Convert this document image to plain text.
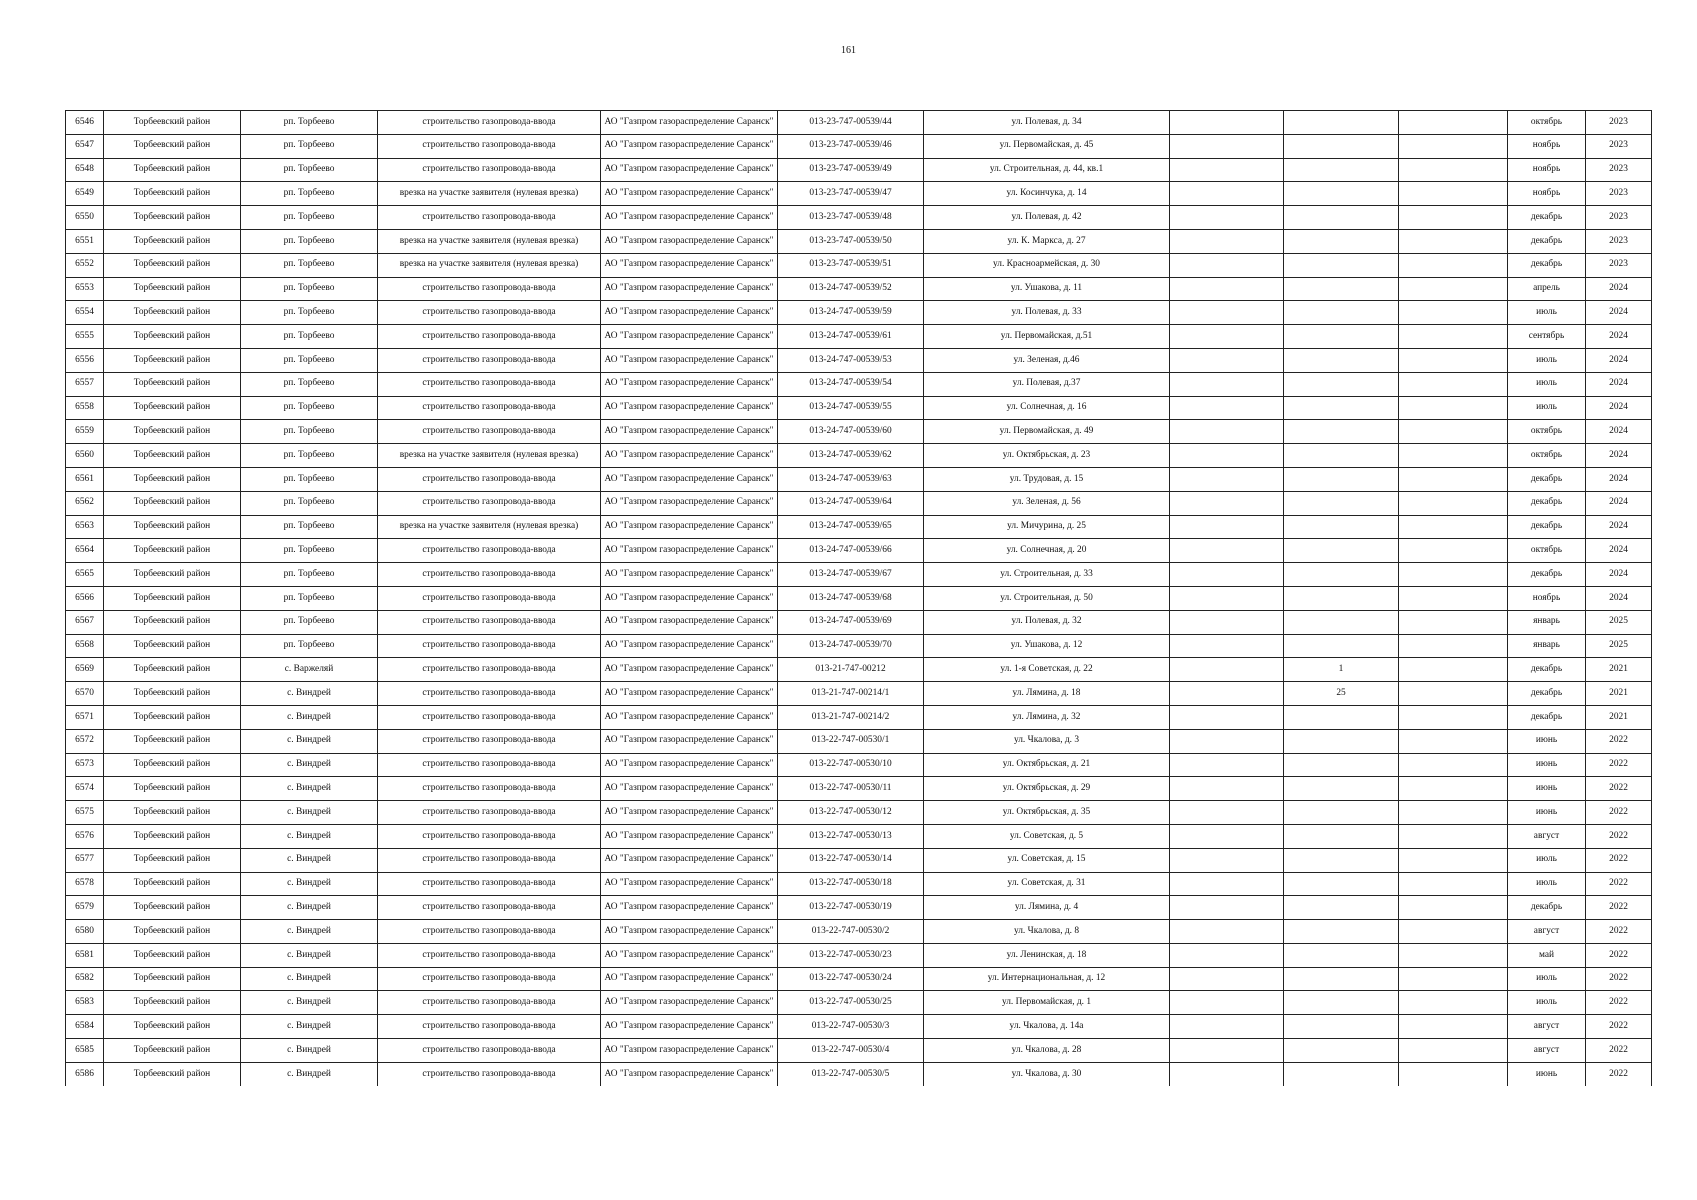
161
6546	Торбеевский район	рп. Торбеево	строительство газопровода-ввода	АО "Газпром газораспределение Саранск"	013-23-747-00539/44	ул. Полевая, д. 34				октябрь	2023
6547	Торбеевский район	рп. Торбеево	строительство газопровода-ввода	АО "Газпром газораспределение Саранск"	013-23-747-00539/46	ул. Первомайская, д. 45				ноябрь	2023
6548	Торбеевский район	рп. Торбеево	строительство газопровода-ввода	АО "Газпром газораспределение Саранск"	013-23-747-00539/49	ул. Строительная, д. 44, кв.1				ноябрь	2023
6549	Торбеевский район	рп. Торбеево	врезка на участке заявителя (нулевая врезка)	АО "Газпром газораспределение Саранск"	013-23-747-00539/47	ул. Косинчука, д. 14				ноябрь	2023
6550	Торбеевский район	рп. Торбеево	строительство газопровода-ввода	АО "Газпром газораспределение Саранск"	013-23-747-00539/48	ул. Полевая, д. 42				декабрь	2023
6551	Торбеевский район	рп. Торбеево	врезка на участке заявителя (нулевая врезка)	АО "Газпром газораспределение Саранск"	013-23-747-00539/50	ул. К. Маркса, д. 27				декабрь	2023
6552	Торбеевский район	рп. Торбеево	врезка на участке заявителя (нулевая врезка)	АО "Газпром газораспределение Саранск"	013-23-747-00539/51	ул. Красноармейская, д. 30				декабрь	2023
6553	Торбеевский район	рп. Торбеево	строительство газопровода-ввода	АО "Газпром газораспределение Саранск"	013-24-747-00539/52	ул. Ушакова, д. 11				апрель	2024
6554	Торбеевский район	рп. Торбеево	строительство газопровода-ввода	АО "Газпром газораспределение Саранск"	013-24-747-00539/59	ул. Полевая, д. 33				июль	2024
6555	Торбеевский район	рп. Торбеево	строительство газопровода-ввода	АО "Газпром газораспределение Саранск"	013-24-747-00539/61	ул. Первомайская, д.51				сентябрь	2024
6556	Торбеевский район	рп. Торбеево	строительство газопровода-ввода	АО "Газпром газораспределение Саранск"	013-24-747-00539/53	ул. Зеленая, д.46				июль	2024
6557	Торбеевский район	рп. Торбеево	строительство газопровода-ввода	АО "Газпром газораспределение Саранск"	013-24-747-00539/54	ул. Полевая, д.37				июль	2024
6558	Торбеевский район	рп. Торбеево	строительство газопровода-ввода	АО "Газпром газораспределение Саранск"	013-24-747-00539/55	ул. Солнечная, д. 16				июль	2024
6559	Торбеевский район	рп. Торбеево	строительство газопровода-ввода	АО "Газпром газораспределение Саранск"	013-24-747-00539/60	ул. Первомайская, д. 49				октябрь	2024
6560	Торбеевский район	рп. Торбеево	врезка на участке заявителя (нулевая врезка)	АО "Газпром газораспределение Саранск"	013-24-747-00539/62	ул. Октябрьская, д. 23				октябрь	2024
6561	Торбеевский район	рп. Торбеево	строительство газопровода-ввода	АО "Газпром газораспределение Саранск"	013-24-747-00539/63	ул. Трудовая, д. 15				декабрь	2024
6562	Торбеевский район	рп. Торбеево	строительство газопровода-ввода	АО "Газпром газораспределение Саранск"	013-24-747-00539/64	ул. Зеленая, д. 56				декабрь	2024
6563	Торбеевский район	рп. Торбеево	врезка на участке заявителя (нулевая врезка)	АО "Газпром газораспределение Саранск"	013-24-747-00539/65	ул. Мичурина, д. 25				декабрь	2024
6564	Торбеевский район	рп. Торбеево	строительство газопровода-ввода	АО "Газпром газораспределение Саранск"	013-24-747-00539/66	ул. Солнечная, д. 20				октябрь	2024
6565	Торбеевский район	рп. Торбеево	строительство газопровода-ввода	АО "Газпром газораспределение Саранск"	013-24-747-00539/67	ул. Строительная, д. 33				декабрь	2024
6566	Торбеевский район	рп. Торбеево	строительство газопровода-ввода	АО "Газпром газораспределение Саранск"	013-24-747-00539/68	ул. Строительная, д. 50				ноябрь	2024
6567	Торбеевский район	рп. Торбеево	строительство газопровода-ввода	АО "Газпром газораспределение Саранск"	013-24-747-00539/69	ул. Полевая, д. 32				январь	2025
6568	Торбеевский район	рп. Торбеево	строительство газопровода-ввода	АО "Газпром газораспределение Саранск"	013-24-747-00539/70	ул. Ушакова, д. 12				январь	2025
6569	Торбеевский район	с. Варжеляй	строительство газопровода-ввода	АО "Газпром газораспределение Саранск"	013-21-747-00212	ул. 1-я Советская, д. 22		1		декабрь	2021
6570	Торбеевский район	с. Виндрей	строительство газопровода-ввода	АО "Газпром газораспределение Саранск"	013-21-747-00214/1	ул. Лямина, д. 18		25		декабрь	2021
6571	Торбеевский район	с. Виндрей	строительство газопровода-ввода	АО "Газпром газораспределение Саранск"	013-21-747-00214/2	ул. Лямина, д. 32				декабрь	2021
6572	Торбеевский район	с. Виндрей	строительство газопровода-ввода	АО "Газпром газораспределение Саранск"	013-22-747-00530/1	ул. Чкалова, д. 3				июнь	2022
6573	Торбеевский район	с. Виндрей	строительство газопровода-ввода	АО "Газпром газораспределение Саранск"	013-22-747-00530/10	ул. Октябрьская, д. 21				июнь	2022
6574	Торбеевский район	с. Виндрей	строительство газопровода-ввода	АО "Газпром газораспределение Саранск"	013-22-747-00530/11	ул. Октябрьская, д. 29				июнь	2022
6575	Торбеевский район	с. Виндрей	строительство газопровода-ввода	АО "Газпром газораспределение Саранск"	013-22-747-00530/12	ул. Октябрьская, д. 35				июнь	2022
6576	Торбеевский район	с. Виндрей	строительство газопровода-ввода	АО "Газпром газораспределение Саранск"	013-22-747-00530/13	ул. Советская, д. 5				август	2022
6577	Торбеевский район	с. Виндрей	строительство газопровода-ввода	АО "Газпром газораспределение Саранск"	013-22-747-00530/14	ул. Советская, д. 15				июль	2022
6578	Торбеевский район	с. Виндрей	строительство газопровода-ввода	АО "Газпром газораспределение Саранск"	013-22-747-00530/18	ул. Советская, д. 31				июль	2022
6579	Торбеевский район	с. Виндрей	строительство газопровода-ввода	АО "Газпром газораспределение Саранск"	013-22-747-00530/19	ул. Лямина, д. 4				декабрь	2022
6580	Торбеевский район	с. Виндрей	строительство газопровода-ввода	АО "Газпром газораспределение Саранск"	013-22-747-00530/2	ул. Чкалова, д. 8				август	2022
6581	Торбеевский район	с. Виндрей	строительство газопровода-ввода	АО "Газпром газораспределение Саранск"	013-22-747-00530/23	ул. Ленинская, д. 18				май	2022
6582	Торбеевский район	с. Виндрей	строительство газопровода-ввода	АО "Газпром газораспределение Саранск"	013-22-747-00530/24	ул. Интернациональная, д. 12				июль	2022
6583	Торбеевский район	с. Виндрей	строительство газопровода-ввода	АО "Газпром газораспределение Саранск"	013-22-747-00530/25	ул. Первомайская, д. 1				июль	2022
6584	Торбеевский район	с. Виндрей	строительство газопровода-ввода	АО "Газпром газораспределение Саранск"	013-22-747-00530/3	ул. Чкалова, д. 14а				август	2022
6585	Торбеевский район	с. Виндрей	строительство газопровода-ввода	АО "Газпром газораспределение Саранск"	013-22-747-00530/4	ул. Чкалова, д. 28				август	2022
6586	Торбеевский район	с. Виндрей	строительство газопровода-ввода	АО "Газпром газораспределение Саранск"	013-22-747-00530/5	ул. Чкалова, д. 30				июнь	2022
